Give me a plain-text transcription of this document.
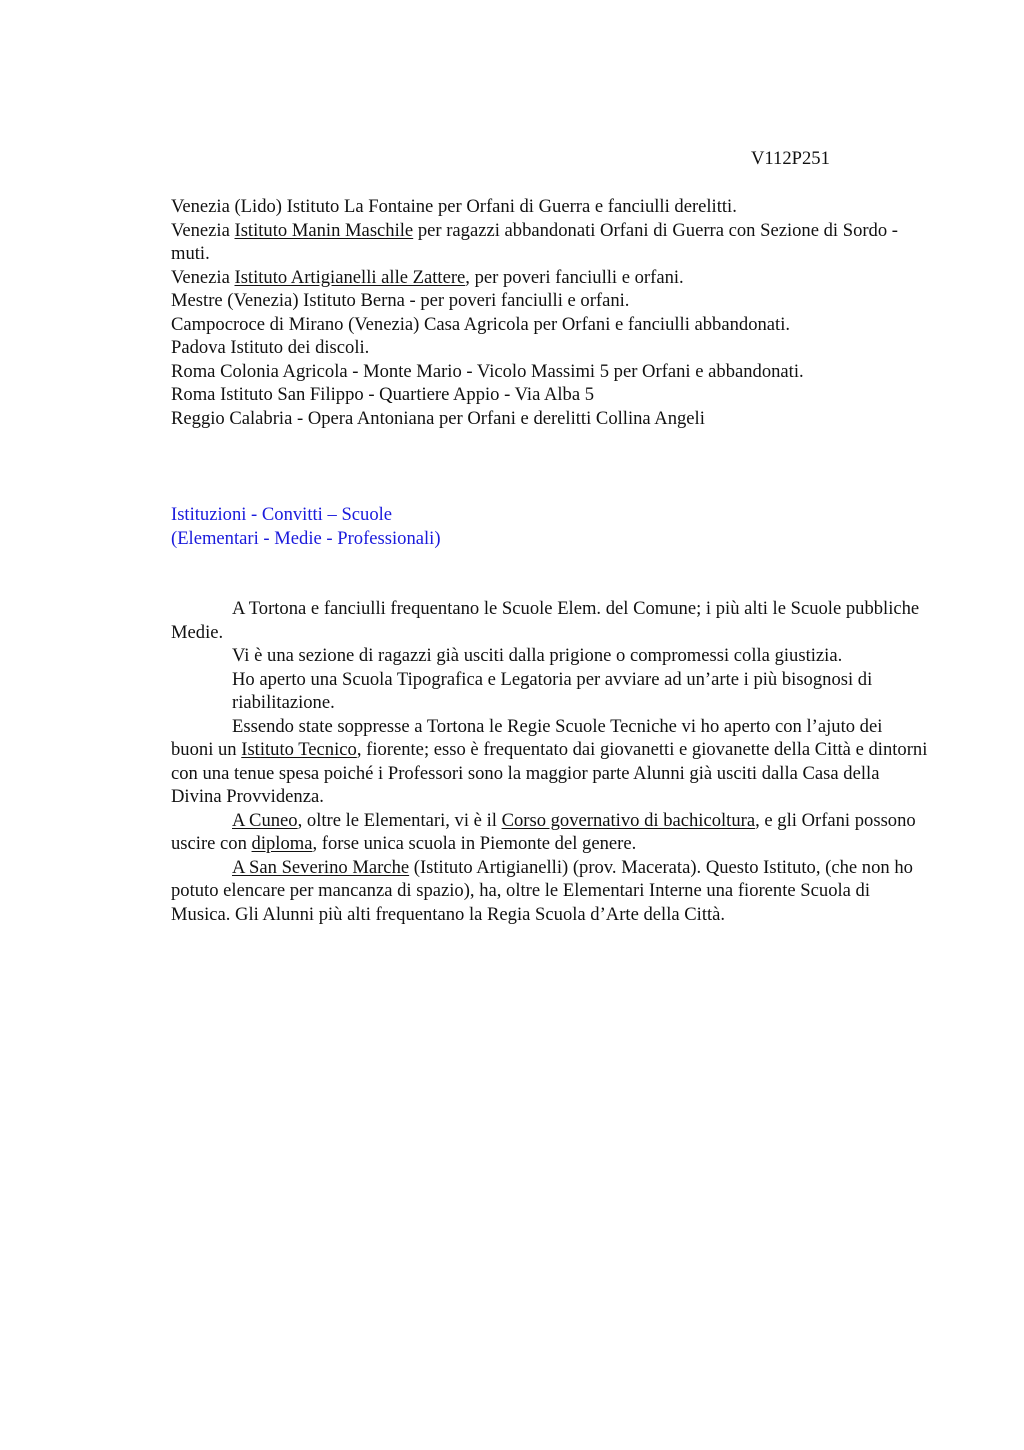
V112P251

Venezia (Lido) Istituto La Fontaine per Orfani di Guerra e fanciulli derelitti.

Venezia Istituto Manin Maschile per ragazzi abbandonati Orfani di Guerra con Sezione di Sordo - muti.

Venezia Istituto Artigianelli alle Zattere, per poveri fanciulli e orfani.

Mestre (Venezia) Istituto Berna - per poveri fanciulli e orfani.

Campocroce di Mirano (Venezia) Casa Agricola per Orfani e fanciulli abbandonati.

Padova Istituto dei discoli.

Roma Colonia Agricola - Monte Mario - Vicolo Massimi 5 per Orfani e abbandonati.

Roma Istituto San Filippo - Quartiere Appio - Via Alba 5

Reggio Calabria - Opera Antoniana per Orfani e derelitti Collina Angeli

Istituzioni - Convitti – Scuole
(Elementari - Medie - Professionali)

A Tortona e fanciulli frequentano le Scuole Elem. del Comune; i più alti le Scuole pubbliche Medie.

Vi è una sezione di ragazzi già usciti dalla prigione o compromessi colla giustizia.

Ho aperto una Scuola Tipografica e Legatoria per avviare ad un’arte i più bisognosi di riabilitazione.

Essendo state soppresse a Tortona le Regie Scuole Tecniche vi ho aperto con l’ajuto dei buoni un Istituto Tecnico, fiorente; esso è frequentato dai giovanetti e giovanette della Città e dintorni con una tenue spesa poiché i Professori sono la maggior parte Alunni già usciti dalla Casa della Divina Provvidenza.

A Cuneo, oltre le Elementari, vi è il Corso governativo di bachicoltura, e gli Orfani possono uscire con diploma, forse unica scuola in Piemonte del genere.

A San Severino Marche (Istituto Artigianelli) (prov. Macerata). Questo Istituto, (che non ho potuto elencare per mancanza di spazio), ha, oltre le Elementari Interne una fiorente Scuola di Musica. Gli Alunni più alti frequentano la Regia Scuola d’Arte della Città.
